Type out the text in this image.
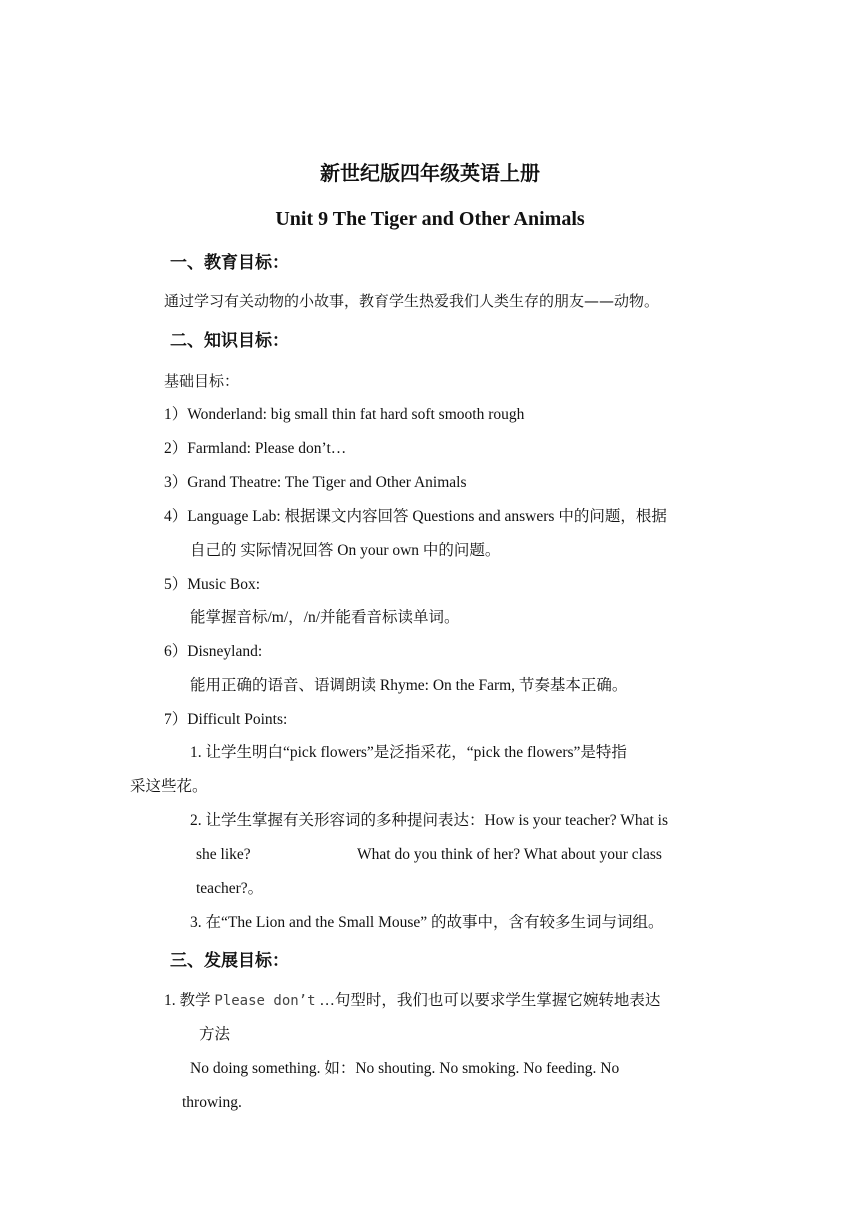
新世纪版四年级英语上册
Unit 9 The Tiger and Other Animals
一、教育目标：
通过学习有关动物的小故事，教育学生热爱我们人类生存的朋友——动物。
二、知识目标：
基础目标：
1）Wonderland: big small thin fat hard soft smooth rough
2）Farmland: Please don’t…
3）Grand Theatre: The Tiger and Other Animals
4）Language Lab: 根据课文内容回答 Questions and answers 中的问题，根据
自己的 实际情况回答 On your own 中的问题。
5）Music Box:
能掌握音标/m/，/n/并能看音标读单词。
6）Disneyland:
能用正确的语音、语调朗读 Rhyme: On the Farm, 节奏基本正确。
7）Difficult Points:
1. 让学生明白“pick flowers”是泛指采花，“pick the flowers”是特指
采这些花。
2. 让学生掌握有关形容词的多种提问表达：How is your teacher? What is
she like?	What do you think of her? What about your class
teacher?。
3. 在“The Lion and the Small Mouse” 的故事中，含有较多生词与词组。
三、发展目标：
1. 教学 Please don’t …句型时，我们也可以要求学生掌握它婉转地表达
方法
No doing something. 如：No shouting. No smoking. No feeding. No
throwing.
